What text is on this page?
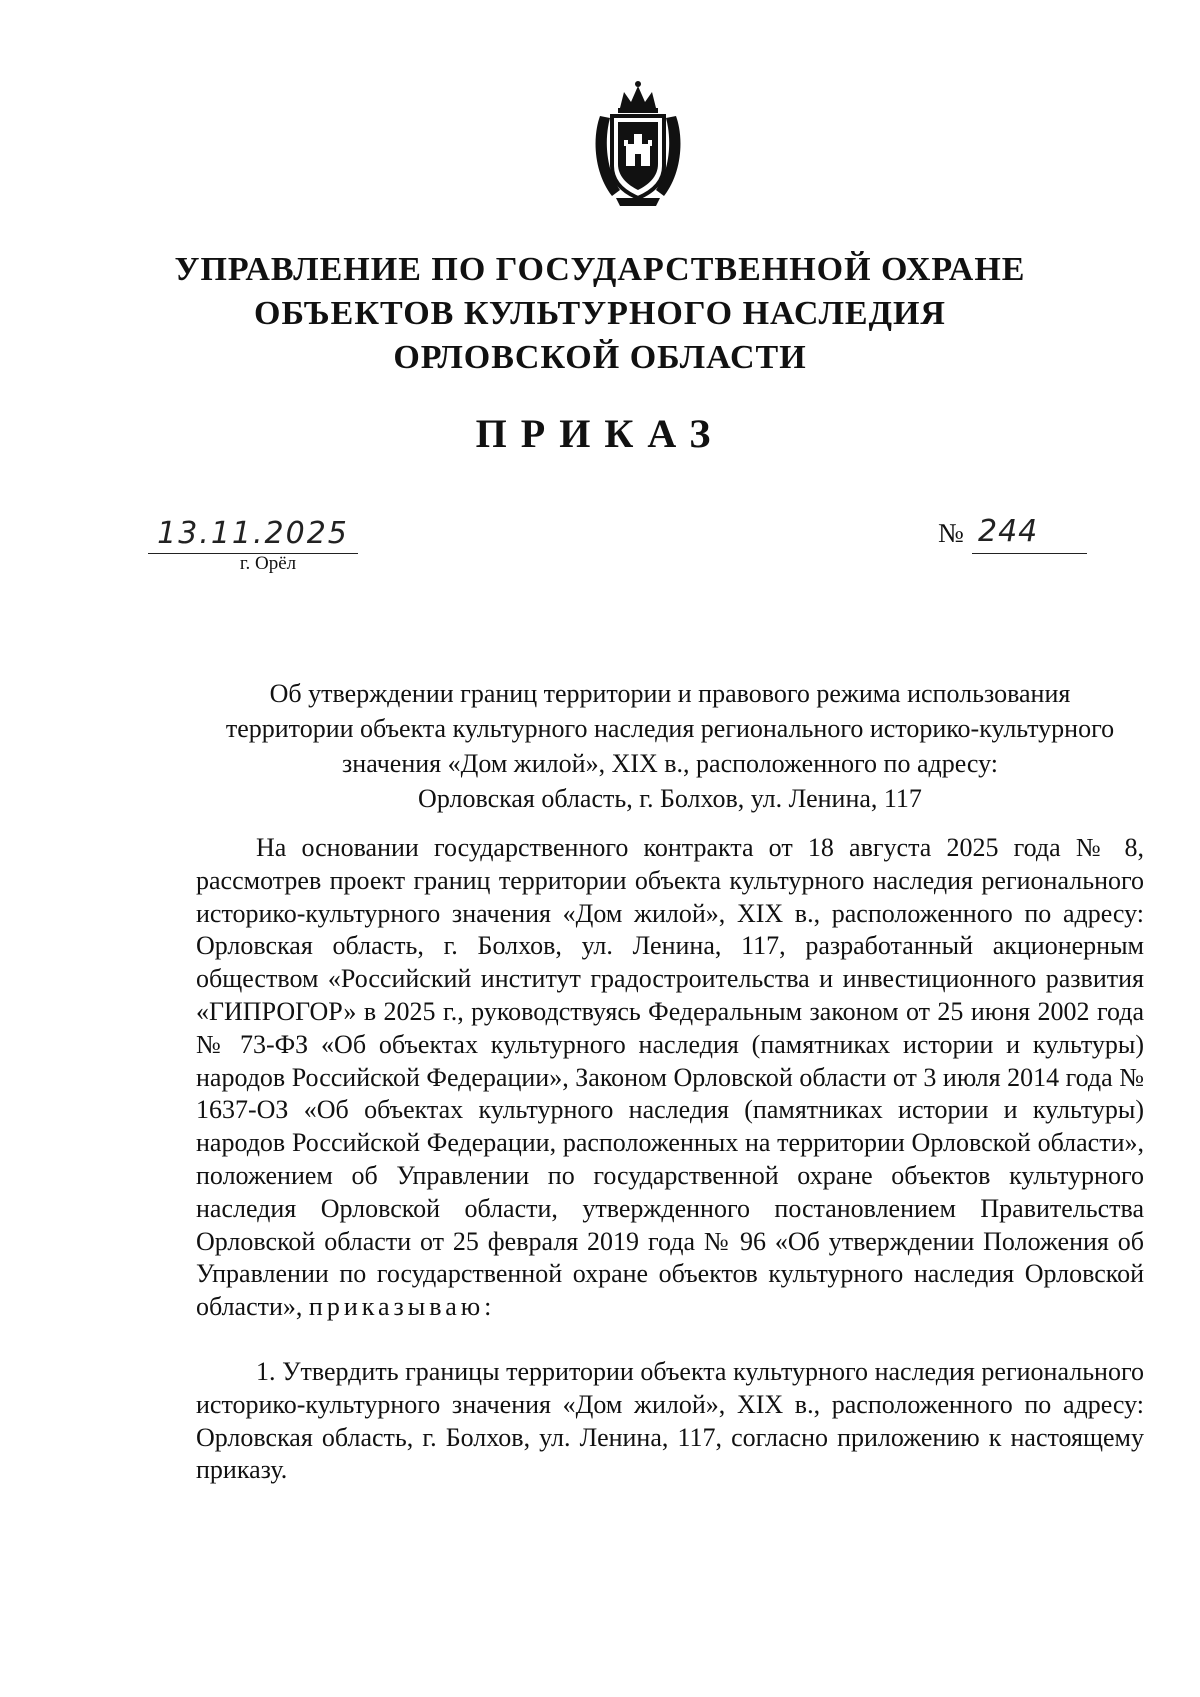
УПРАВЛЕНИЕ ПО ГОСУДАРСТВЕННОЙ ОХРАНЕ
ОБЪЕКТОВ КУЛЬТУРНОГО НАСЛЕДИЯ
ОРЛОВСКОЙ ОБЛАСТИ
ПРИКАЗ
13.11.2025
г. Орёл
№ 244
Об утверждении границ территории и правового режима использования
территории объекта культурного наследия регионального историко-культурного
значения «Дом жилой», XIX в., расположенного по адресу:
Орловская область, г. Болхов, ул. Ленина, 117

На основании государственного контракта от 18 августа 2025 года № 8, рассмотрев проект границ территории объекта культурного наследия регионального историко-культурного значения «Дом жилой», XIX в., расположенного по адресу: Орловская область, г. Болхов, ул. Ленина, 117, разработанный акционерным обществом «Российский институт градостроительства и инвестиционного развития «ГИПРОГОР» в 2025 г., руководствуясь Федеральным законом от 25 июня 2002 года № 73-ФЗ «Об объектах культурного наследия (памятниках истории и культуры) народов Российской Федерации», Законом Орловской области от 3 июля 2014 года № 1637-ОЗ «Об объектах культурного наследия (памятниках истории и культуры) народов Российской Федерации, расположенных на территории Орловской области», положением об Управлении по государственной охране объектов культурного наследия Орловской области, утвержденного постановлением Правительства Орловской области от 25 февраля 2019 года № 96 «Об утверждении Положения об Управлении по государственной охране объектов культурного наследия Орловской области», приказываю:

1. Утвердить границы территории объекта культурного наследия регионального историко-культурного значения «Дом жилой», XIX в., расположенного по адресу: Орловская область, г. Болхов, ул. Ленина, 117, согласно приложению к настоящему приказу.
